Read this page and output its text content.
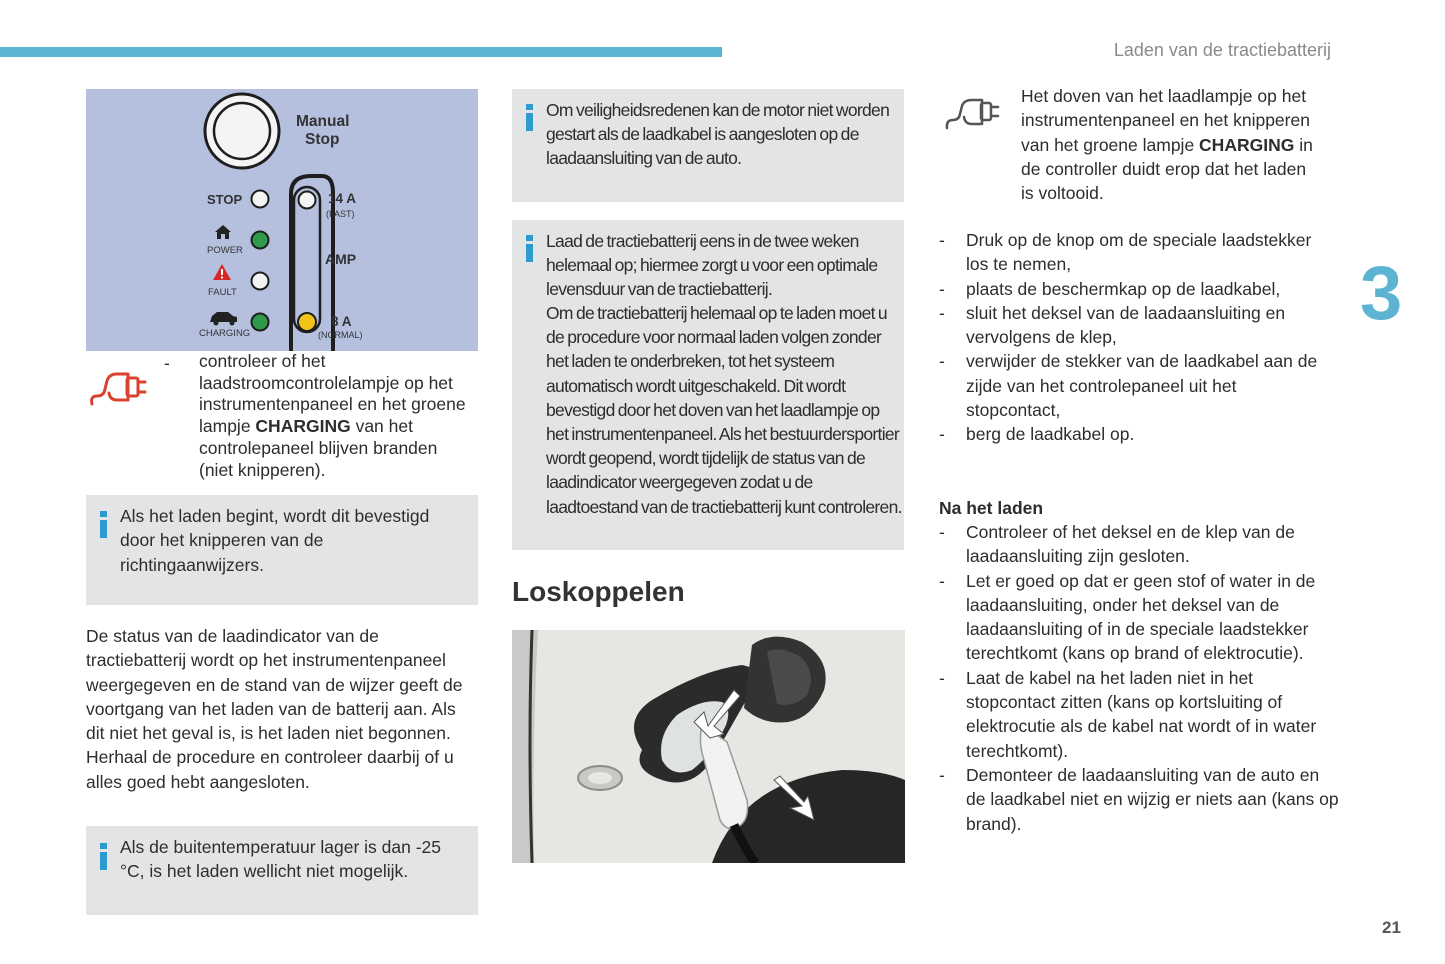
Laden van de tractiebatterij
3
21
Manual
Stop
STOP
POWER
FAULT
CHARGING
14 A
(FAST)
AMP
8 A
(NORMAL)
- controleer of het laadstroomcontrolelampje op het instrumentenpaneel en het groene lampje CHARGING van het controlepaneel blijven branden (niet knipperen).
Als het laden begint, wordt dit bevestigd door het knipperen van de richtingaanwijzers.
De status van de laadindicator van de tractiebatterij wordt op het instrumentenpaneel weergegeven en de stand van de wijzer geeft de voortgang van het laden van de batterij aan. Als dit niet het geval is, is het laden niet begonnen. Herhaal de procedure en controleer daarbij of u alles goed hebt aangesloten.
Als de buitentemperatuur lager is dan -25 °C, is het laden wellicht niet mogelijk.
Om veiligheidsredenen kan de motor niet worden gestart als de laadkabel is aangesloten op de laadaansluiting van de auto.
Laad de tractiebatterij eens in de twee weken helemaal op; hiermee zorgt u voor een optimale levensduur van de tractiebatterij.
Om de tractiebatterij helemaal op te laden moet u de procedure voor normaal laden volgen zonder het laden te onderbreken, tot het systeem automatisch wordt uitgeschakeld. Dit wordt bevestigd door het doven van het laadlampje op het instrumentenpaneel. Als het bestuurdersportier wordt geopend, wordt tijdelijk de status van de laadindicator weergegeven zodat u de laadtoestand van de tractiebatterij kunt controleren.
Loskoppelen
Het doven van het laadlampje op het instrumentenpaneel en het knipperen van het groene lampje CHARGING in de controller duidt erop dat het laden is voltooid.
- Druk op de knop om de speciale laadstekker los te nemen,
- plaats de beschermkap op de laadkabel,
- sluit het deksel van de laadaansluiting en vervolgens de klep,
- verwijder de stekker van de laadkabel aan de zijde van het controlepaneel uit het stopcontact,
- berg de laadkabel op.
Na het laden
- Controleer of het deksel en de klep van de laadaansluiting zijn gesloten.
- Let er goed op dat er geen stof of water in de laadaansluiting, onder het deksel van de laadaansluiting of in de speciale laadstekker terechtkomt (kans op brand of elektrocutie).
- Laat de kabel na het laden niet in het stopcontact zitten (kans op kortsluiting of elektrocutie als de kabel nat wordt of in water terechtkomt).
- Demonteer de laadaansluiting van de auto en de laadkabel niet en wijzig er niets aan (kans op brand).
